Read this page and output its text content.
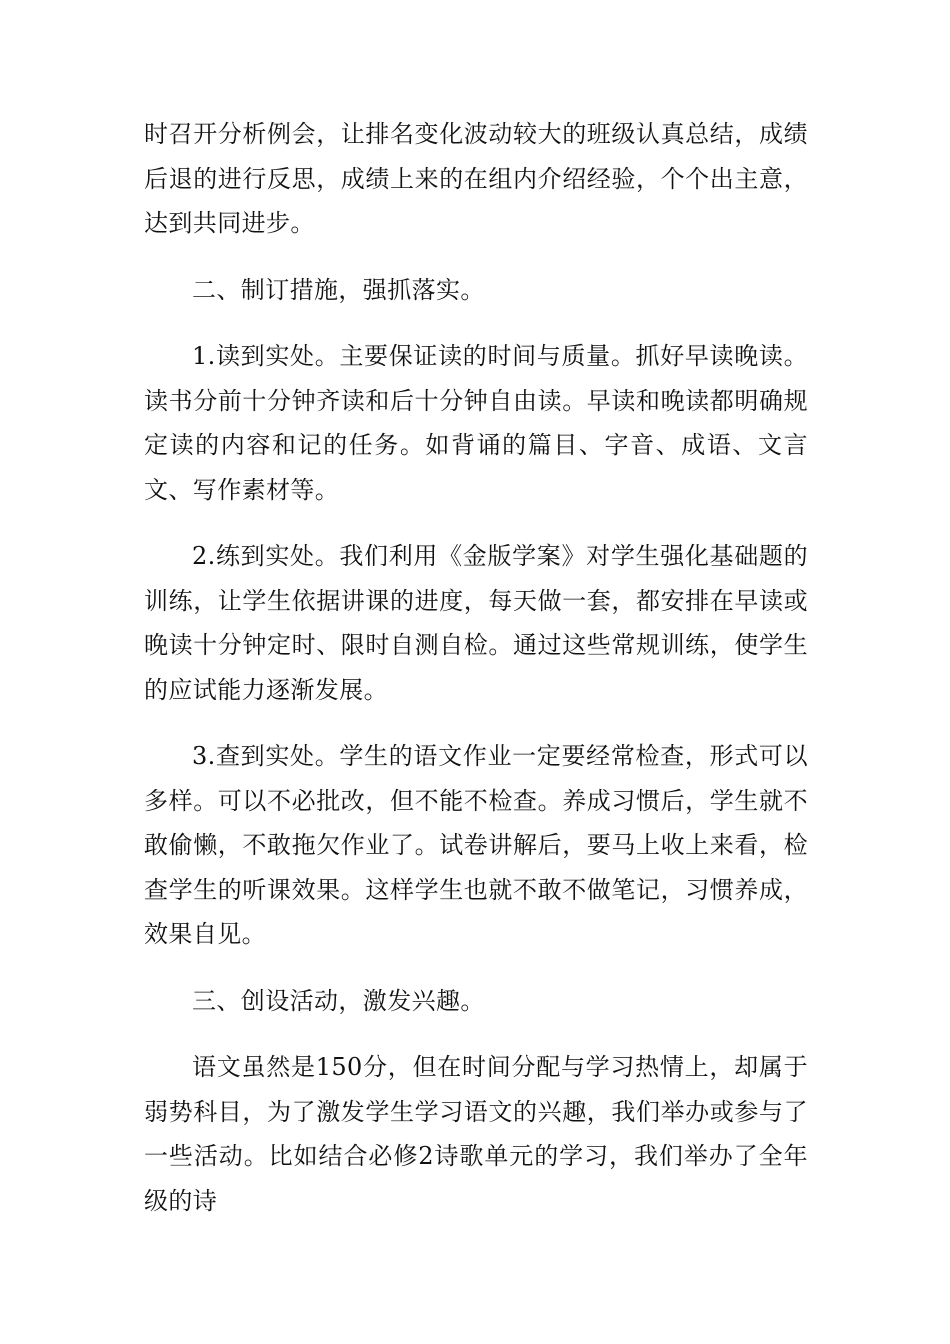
时召开分析例会，让排名变化波动较大的班级认真总结，成绩后退的进行反思，成绩上来的在组内介绍经验，个个出主意，达到共同进步。

二、制订措施，强抓落实。

1.读到实处。主要保证读的时间与质量。抓好早读晚读。读书分前十分钟齐读和后十分钟自由读。早读和晚读都明确规定读的内容和记的任务。如背诵的篇目、字音、成语、文言文、写作素材等。

2.练到实处。我们利用《金版学案》对学生强化基础题的训练，让学生依据讲课的进度，每天做一套，都安排在早读或晚读十分钟定时、限时自测自检。通过这些常规训练，使学生的应试能力逐渐发展。

3.查到实处。学生的语文作业一定要经常检查，形式可以多样。可以不必批改，但不能不检查。养成习惯后，学生就不敢偷懒，不敢拖欠作业了。试卷讲解后，要马上收上来看，检查学生的听课效果。这样学生也就不敢不做笔记，习惯养成，效果自见。

三、创设活动，激发兴趣。

语文虽然是150分，但在时间分配与学习热情上，却属于弱势科目，为了激发学生学习语文的兴趣，我们举办或参与了一些活动。比如结合必修2诗歌单元的学习，我们举办了全年级的诗
